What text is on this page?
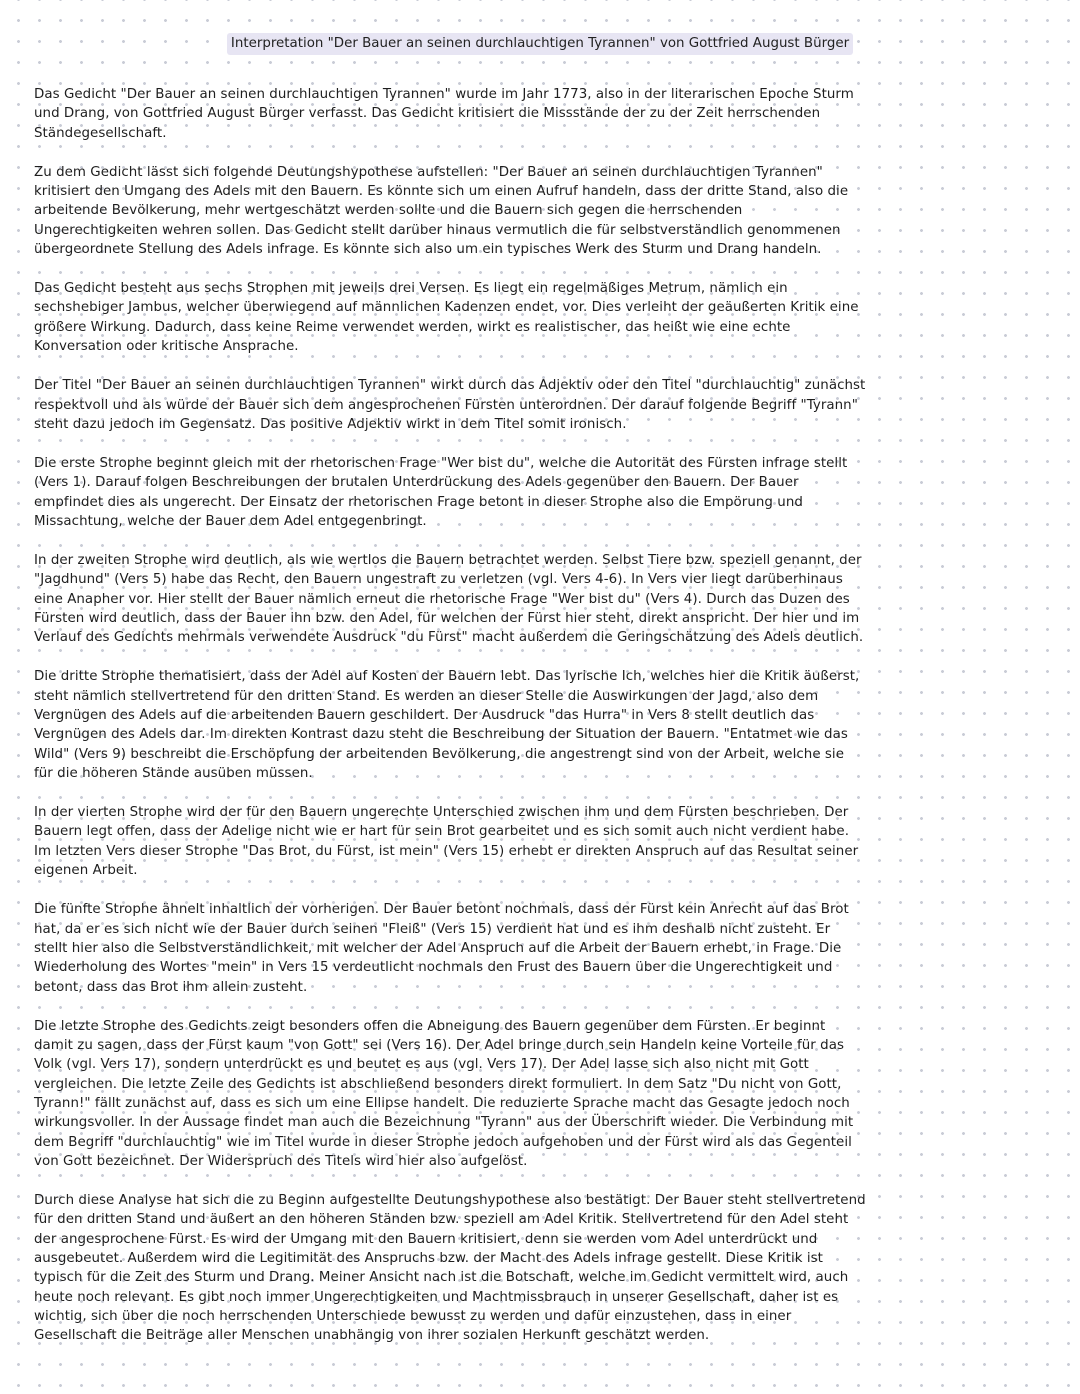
Interpretation "Der Bauer an seinen durchlauchtigen Tyrannen" von Gottfried August Bürger

Das Gedicht "Der Bauer an seinen durchlauchtigen Tyrannen" wurde im Jahr 1773, also in der literarischen Epoche Sturm und Drang, von Gottfried August Bürger verfasst. Das Gedicht kritisiert die Missstände der zu der Zeit herrschenden Ständegesellschaft.

Zu dem Gedicht lässt sich folgende Deutungshypothese aufstellen: "Der Bauer an seinen durchlauchtigen Tyrannen" kritisiert den Umgang des Adels mit den Bauern. Es könnte sich um einen Aufruf handeln, dass der dritte Stand, also die arbeitende Bevölkerung, mehr wertgeschätzt werden sollte und die Bauern sich gegen die herrschenden Ungerechtigkeiten wehren sollen. Das Gedicht stellt darüber hinaus vermutlich die für selbstverständlich genommenen übergeordnete Stellung des Adels infrage. Es könnte sich also um ein typisches Werk des Sturm und Drang handeln.

Das Gedicht besteht aus sechs Strophen mit jeweils drei Versen. Es liegt ein regelmäßiges Metrum, nämlich ein sechshebiger Jambus, welcher überwiegend auf männlichen Kadenzen endet, vor. Dies verleiht der geäußerten Kritik eine größere Wirkung. Dadurch, dass keine Reime verwendet werden, wirkt es realistischer, das heißt wie eine echte Konversation oder kritische Ansprache.

Der Titel "Der Bauer an seinen durchlauchtigen Tyrannen" wirkt durch das Adjektiv oder den Titel "durchlauchtig" zunächst respektvoll und als würde der Bauer sich dem angesprochenen Fürsten unterordnen. Der darauf folgende Begriff "Tyrann" steht dazu jedoch im Gegensatz. Das positive Adjektiv wirkt in dem Titel somit ironisch.

Die erste Strophe beginnt gleich mit der rhetorischen Frage "Wer bist du", welche die Autorität des Fürsten infrage stellt (Vers 1). Darauf folgen Beschreibungen der brutalen Unterdrückung des Adels gegenüber den Bauern. Der Bauer empfindet dies als ungerecht. Der Einsatz der rhetorischen Frage betont in dieser Strophe also die Empörung und Missachtung, welche der Bauer dem Adel entgegenbringt.

In der zweiten Strophe wird deutlich, als wie wertlos die Bauern betrachtet werden. Selbst Tiere bzw. speziell genannt, der "Jagdhund" (Vers 5) habe das Recht, den Bauern ungestraft zu verletzen (vgl. Vers 4-6). In Vers vier liegt darüberhinaus eine Anapher vor. Hier stellt der Bauer nämlich erneut die rhetorische Frage "Wer bist du" (Vers 4). Durch das Duzen des Fürsten wird deutlich, dass der Bauer ihn bzw. den Adel, für welchen der Fürst hier steht, direkt anspricht. Der hier und im Verlauf des Gedichts mehrmals verwendete Ausdruck "du Fürst" macht außerdem die Geringschätzung des Adels deutlich.

Die dritte Strophe thematisiert, dass der Adel auf Kosten der Bauern lebt. Das lyrische Ich, welches hier die Kritik äußerst, steht nämlich stellvertretend für den dritten Stand. Es werden an dieser Stelle die Auswirkungen der Jagd, also dem Vergnügen des Adels auf die arbeitenden Bauern geschildert. Der Ausdruck "das Hurra" in Vers 8 stellt deutlich das Vergnügen des Adels dar. Im direkten Kontrast dazu steht die Beschreibung der Situation der Bauern. "Entatmet wie das Wild" (Vers 9) beschreibt die Erschöpfung der arbeitenden Bevölkerung, die angestrengt sind von der Arbeit, welche sie für die höheren Stände ausüben müssen.

In der vierten Strophe wird der für den Bauern ungerechte Unterschied zwischen ihm und dem Fürsten beschrieben. Der Bauern legt offen, dass der Adelige nicht wie er hart für sein Brot gearbeitet und es sich somit auch nicht verdient habe. Im letzten Vers dieser Strophe "Das Brot, du Fürst, ist mein" (Vers 15) erhebt er direkten Anspruch auf das Resultat seiner eigenen Arbeit.

Die fünfte Strophe ähnelt inhaltlich der vorherigen. Der Bauer betont nochmals, dass der Fürst kein Anrecht auf das Brot hat, da er es sich nicht wie der Bauer durch seinen "Fleiß" (Vers 15) verdient hat und es ihm deshalb nicht zusteht. Er stellt hier also die Selbstverständlichkeit, mit welcher der Adel Anspruch auf die Arbeit der Bauern erhebt, in Frage. Die Wiederholung des Wortes "mein" in Vers 15 verdeutlicht nochmals den Frust des Bauern über die Ungerechtigkeit und betont, dass das Brot ihm allein zusteht.

Die letzte Strophe des Gedichts zeigt besonders offen die Abneigung des Bauern gegenüber dem Fürsten. Er beginnt damit zu sagen, dass der Fürst kaum "von Gott" sei (Vers 16). Der Adel bringe durch sein Handeln keine Vorteile für das Volk (vgl. Vers 17), sondern unterdrückt es und beutet es aus (vgl. Vers 17). Der Adel lasse sich also nicht mit Gott vergleichen. Die letzte Zeile des Gedichts ist abschließend besonders direkt formuliert. In dem Satz "Du nicht von Gott, Tyrann!" fällt zunächst auf, dass es sich um eine Ellipse handelt. Die reduzierte Sprache macht das Gesagte jedoch noch wirkungsvoller. In der Aussage findet man auch die Bezeichnung "Tyrann" aus der Überschrift wieder. Die Verbindung mit dem Begriff "durchlauchtig" wie im Titel wurde in dieser Strophe jedoch aufgehoben und der Fürst wird als das Gegenteil von Gott bezeichnet. Der Widerspruch des Titels wird hier also aufgelöst.

Durch diese Analyse hat sich die zu Beginn aufgestellte Deutungshypothese also bestätigt. Der Bauer steht stellvertretend für den dritten Stand und äußert an den höheren Ständen bzw. speziell am Adel Kritik. Stellvertretend für den Adel steht der angesprochene Fürst. Es wird der Umgang mit den Bauern kritisiert, denn sie werden vom Adel unterdrückt und ausgebeutet. Außerdem wird die Legitimität des Anspruchs bzw. der Macht des Adels infrage gestellt. Diese Kritik ist typisch für die Zeit des Sturm und Drang. Meiner Ansicht nach ist die Botschaft, welche im Gedicht vermittelt wird, auch heute noch relevant. Es gibt noch immer Ungerechtigkeiten und Machtmissbrauch in unserer Gesellschaft, daher ist es wichtig, sich über die noch herrschenden Unterschiede bewusst zu werden und dafür einzustehen, dass in einer Gesellschaft die Beiträge aller Menschen unabhängig von ihrer sozialen Herkunft geschätzt werden.
